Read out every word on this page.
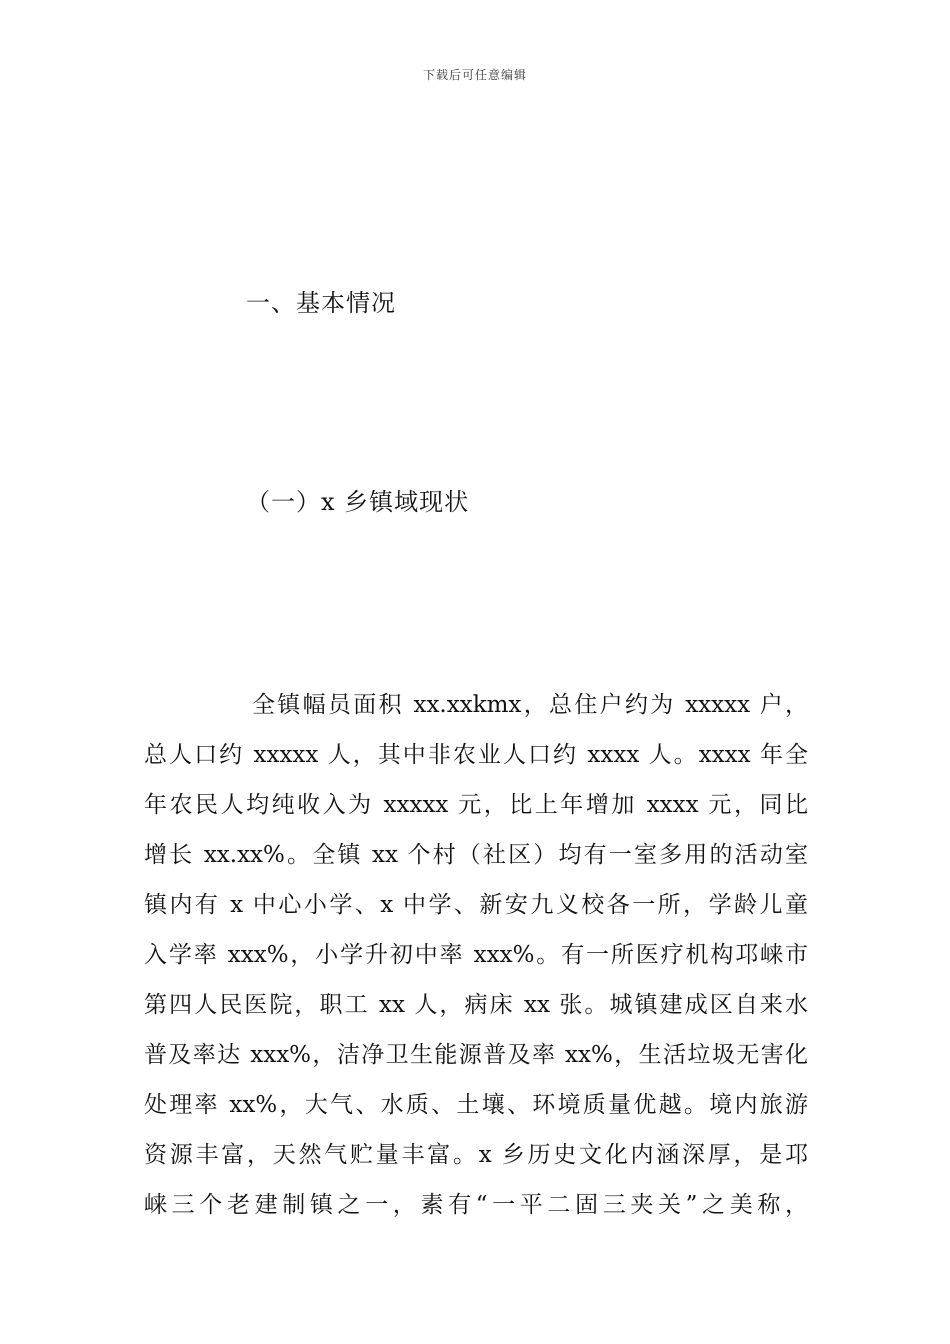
下载后可任意编辑
一、基本情况
（一）x 乡镇域现状
全镇幅员面积 xx.xxkmx，总住户约为 xxxxx 户，
总人口约 xxxxx 人，其中非农业人口约 xxxx 人。xxxx 年全
年农民人均纯收入为 xxxxx 元，比上年增加 xxxx 元，同比
增长 xx.xx%。全镇 xx 个村（社区）均有一室多用的活动室
镇内有 x 中心小学、x 中学、新安九义校各一所，学龄儿童
入学率 xxx%，小学升初中率 xxx%。有一所医疗机构邛崃市
第四人民医院，职工 xx 人，病床 xx 张。城镇建成区自来水
普及率达 xxx%，洁净卫生能源普及率 xx%，生活垃圾无害化
处理率 xx%，大气、水质、土壤、环境质量优越。境内旅游
资源丰富，天然气贮量丰富。x 乡历史文化内涵深厚，是邛
崃三个老建制镇之一，素有“一平二固三夹关”之美称，
